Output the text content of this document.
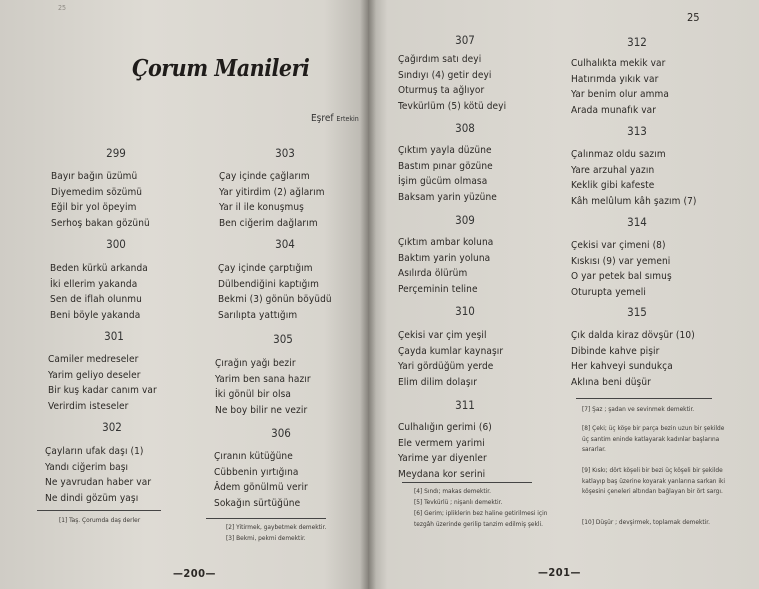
25
Çorum Manileri
Eşref Ertekin
299
Bayır bağın üzümü
Diyemedim sözümü
Eğil bir yol öpeyim
Serhoş bakan gözünü
300
Beden kürkü arkanda
İki ellerim yakanda
Sen de iflah olunmu
Beni böyle yakanda
301
Camiler medreseler
Yarim geliyo deseler
Bir kuş kadar canım var
Verirdim isteseler
302
Çayların ufak daşı (1)
Yandı ciğerim başı
Ne yavrudan haber var
Ne dindi gözüm yaşı
[1] Taş. Çorumda daş derler
303
Çay içinde çağlarım
Yar yitirdim (2) ağlarım
Yar il ile konuşmuş
Ben ciğerim dağlarım
304
Çay içinde çarptığım
Dülbendiğini kaptığım
Bekmi (3) gönün böyüdü
Sarılıpta yattığım
305
Çırağın yağı bezir
Yarim ben sana hazır
İki gönül bir olsa
Ne boy bilir ne vezir
306
Çıranın kütüğüne
Cübbenin yırtığına
Âdem gönülmü verir
Sokağın sürtüğüne
[2] Yitirmek, gaybetmek demektir.
[3] Bekmi, pekmi demektir.
—200—
25
307
Çağırdım satı deyi
Sındıyı (4) getir deyi
Oturmuş ta ağlıyor
Tevkürlüm (5) kötü deyi
308
Çıktım yayla düzüne
Bastım pınar gözüne
İşim gücüm olmasa
Baksam yarin yüzüne
309
Çıktım ambar koluna
Baktım yarin yoluna
Asılırda ölürüm
Perçeminin teline
310
Çekisi var çim yeşil
Çayda kumlar kaynaşır
Yari gördüğüm yerde
Elim dilim dolaşır
311
Culhalığın gerimi (6)
Ele vermem yarimi
Yarime yar diyenler
Meydana kor serini
[4] Sındı; makas demektir.
[5] Tevkürlü ; nişanlı demektir.
[6] Gerim; ipliklerin bez haline getirilmesi için tezgâh üzerinde gerilip tanzim edilmiş şekli.
—201—
312
Culhalıkta mekik var
Hatırımda yıkık var
Yar benim olur amma
Arada munafık var
313
Çalınmaz oldu sazım
Yare arzuhal yazın
Keklik gibi kafeste
Kâh melûlum kâh şazım (7)
314
Çekisi var çimeni (8)
Kıskısı (9) var yemeni
O yar petek bal sımuş
Oturupta yemeli
315
Çık dalda kiraz dövşür (10)
Dibinde kahve pişir
Her kahveyi sundukça
Aklına beni düşür
[7] Şaz ; şadan ve sevinmek demektir.
[8] Çeki; üç köşe bir parça bezin uzun bir şekilde üç santim eninde katlayarak kadınlar başlarına sararlar.
[9] Kıskı; dört köşeli bir bezi üç köşeli bir şekilde katlayıp baş üzerine koyarak yanlarına sarkan iki köşesini çeneleri altından bağlayan bir ört sargı.
[10] Düşür ; devşirmek, toplamak demektir.
